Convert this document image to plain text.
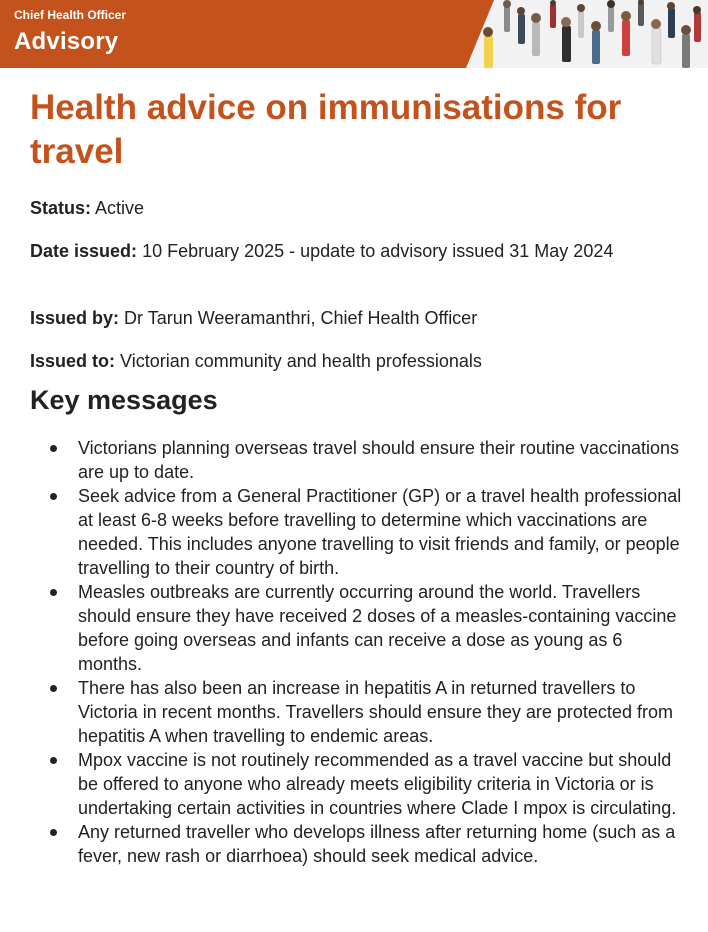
Chief Health Officer
Advisory
Health advice on immunisations for travel

Status: Active

Date issued: 10 February 2025 - update to advisory issued 31 May 2024

Issued by: Dr Tarun Weeramanthri, Chief Health Officer

Issued to: Victorian community and health professionals

Key messages
Victorians planning overseas travel should ensure their routine vaccinations are up to date.
Seek advice from a General Practitioner (GP) or a travel health professional at least 6-8 weeks before travelling to determine which vaccinations are needed. This includes anyone travelling to visit friends and family, or people travelling to their country of birth.
Measles outbreaks are currently occurring around the world. Travellers should ensure they have received 2 doses of a measles-containing vaccine before going overseas and infants can receive a dose as young as 6 months.
There has also been an increase in hepatitis A in returned travellers to Victoria in recent months. Travellers should ensure they are protected from hepatitis A when travelling to endemic areas.
Mpox vaccine is not routinely recommended as a travel vaccine but should be offered to anyone who already meets eligibility criteria in Victoria or is undertaking certain activities in countries where Clade I mpox is circulating.
Any returned traveller who develops illness after returning home (such as a fever, new rash or diarrhoea) should seek medical advice.
